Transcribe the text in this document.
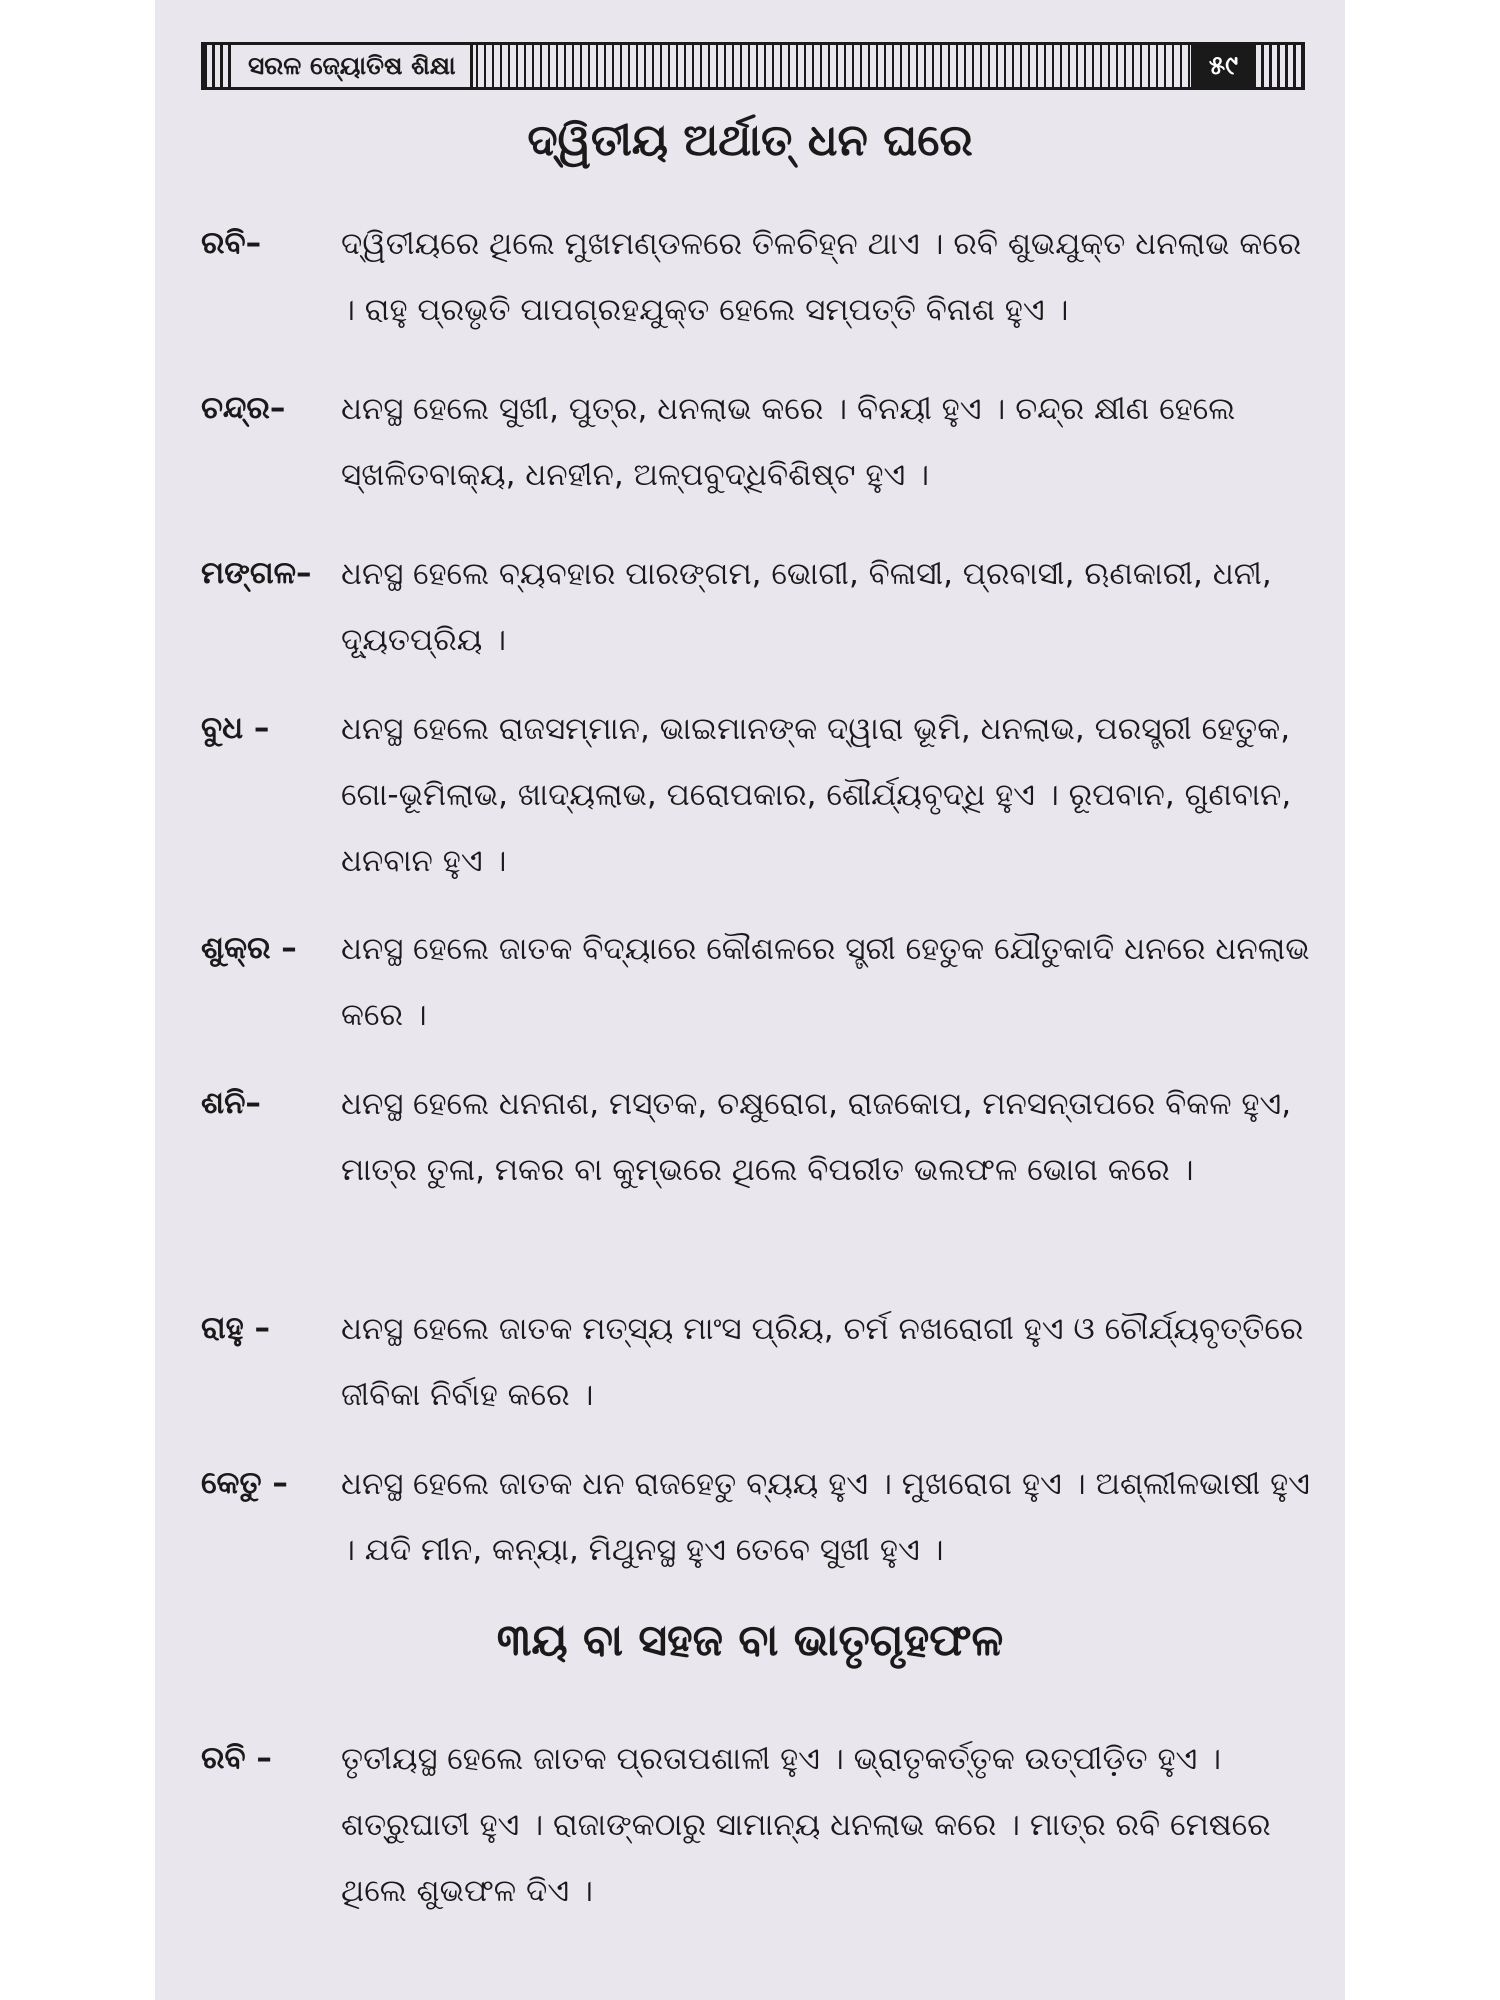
ସରଳ ଜ୍ୟୋତିଷ ଶିକ୍ଷା	୫୯
ଦ୍ୱିତୀୟ ଅର୍ଥାତ୍ ଧନ ଘରେ
ରବି–	ଦ୍ୱିତୀୟରେ ଥିଲେ ମୁଖମଣ୍ଡଳରେ ତିଳଚିହ୍ନ ଥାଏ । ରବି ଶୁଭଯୁକ୍ତ ଧନଲାଭ କରେ । ରାହୁ ପ୍ରଭୃତି ପାପଗ୍ରହଯୁକ୍ତ ହେଲେ ସମ୍ପତ୍ତି ବିନାଶ ହୁଏ ।
ଚନ୍ଦ୍ର–	ଧନସ୍ଥ ହେଲେ ସୁଖୀ, ପୁତ୍ର, ଧନଲାଭ କରେ । ବିନୟୀ ହୁଏ । ଚନ୍ଦ୍ର କ୍ଷୀଣ ହେଲେ ସ୍ଖଳିତବାକ୍ୟ, ଧନହୀନ, ଅଳ୍ପବୁଦ୍ଧିବିଶିଷ୍ଟ ହୁଏ ।
ମଙ୍ଗଳ– ଧନସ୍ଥ ହେଲେ ବ୍ୟବହାର ପାରଙ୍ଗମ, ଭୋଗୀ, ବିଳାସୀ, ପ୍ରବାସୀ, ଋଣକାରୀ, ଧନୀ, ଦ୍ୟୂତପ୍ରିୟ ।
ବୁଧ –	ଧନସ୍ଥ ହେଲେ ରାଜସମ୍ମାନ, ଭାଇମାନଙ୍କ ଦ୍ୱାରା ଭୂମି, ଧନଲାଭ, ପରସ୍ତ୍ରୀ ହେତୁକ, ଗୋ-ଭୂମିଲାଭ, ଖାଦ୍ୟଲାଭ, ପରୋପକାର, ଶୌର୍ଯ୍ୟବୃଦ୍ଧି ହୁଏ । ରୂପବାନ, ଗୁଣବାନ, ଧନବାନ ହୁଏ ।
ଶୁକ୍ର –	ଧନସ୍ଥ ହେଲେ ଜାତକ ବିଦ୍ୟାରେ କୌଶଳରେ ସ୍ତ୍ରୀ ହେତୁକ ଯୌତୁକାଦି ଧନରେ ଧନଲାଭ କରେ ।
ଶନି–	ଧନସ୍ଥ ହେଲେ ଧନନାଶ, ମସ୍ତକ, ଚକ୍ଷୁରୋଗ, ରାଜକୋପ, ମନସନ୍ତାପରେ ବିକଳ ହୁଏ, ମାତ୍ର ତୁଳା, ମକର ବା କୁମ୍ଭରେ ଥିଲେ ବିପରୀତ ଭଲଫଳ ଭୋଗ କରେ ।
ରାହୁ –	ଧନସ୍ଥ ହେଲେ ଜାତକ ମତ୍ସ୍ୟ ମାଂସ ପ୍ରିୟ, ଚର୍ମ ନଖରୋଗୀ ହୁଏ ଓ ଚୌର୍ଯ୍ୟବୃତ୍ତିରେ ଜୀବିକା ନିର୍ବାହ କରେ ।
କେତୁ –	ଧନସ୍ଥ ହେଲେ ଜାତକ ଧନ ରାଜହେତୁ ବ୍ୟୟ ହୁଏ । ମୁଖରୋଗ ହୁଏ । ଅଶ୍ଲୀଳଭାଷୀ ହୁଏ । ଯଦି ମୀନ, କନ୍ୟା, ମିଥୁନସ୍ଥ ହୁଏ ତେବେ ସୁଖୀ ହୁଏ ।
୩ୟ ବା ସହଜ ବା ଭାତୃଗୃହଫଳ
ରବି –	ତୃତୀୟସ୍ଥ ହେଲେ ଜାତକ ପ୍ରତାପଶାଳୀ ହୁଏ । ଭ୍ରାତୃକର୍ତ୍ତୃକ ଉତ୍ପୀଡ଼ିତ ହୁଏ । ଶତ୍ରୁଘାତୀ ହୁଏ । ରାଜାଙ୍କଠାରୁ ସାମାନ୍ୟ ଧନଲାଭ କରେ । ମାତ୍ର ରବି ମେଷରେ ଥିଲେ ଶୁଭଫଳ ଦିଏ ।
